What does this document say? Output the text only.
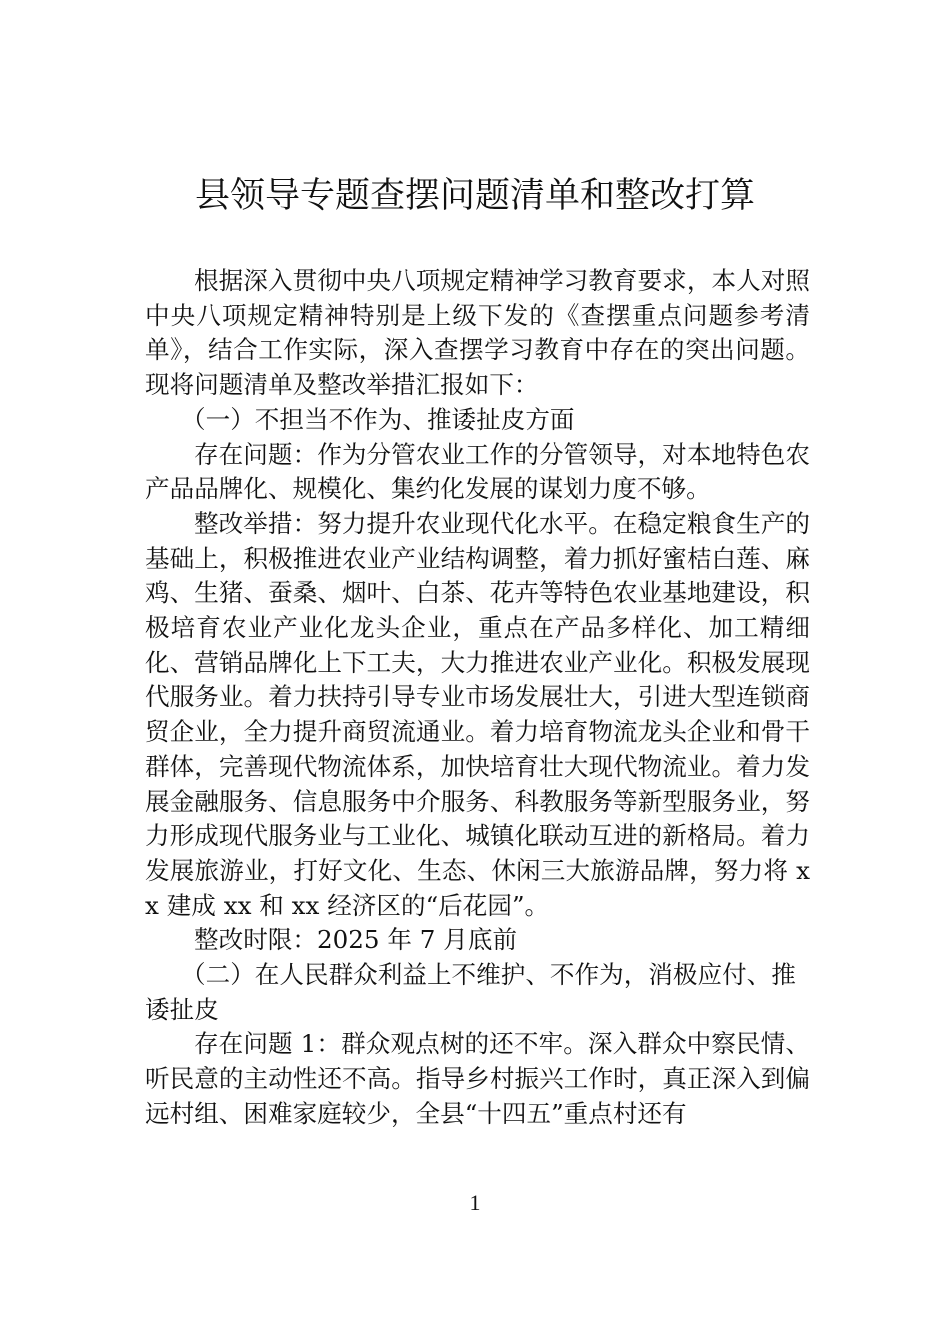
县领导专题查摆问题清单和整改打算

根据深入贯彻中央八项规定精神学习教育要求，本人对照中央八项规定精神特别是上级下发的《查摆重点问题参考清单》，结合工作实际，深入查摆学习教育中存在的突出问题。现将问题清单及整改举措汇报如下：

（一）不担当不作为、推诿扯皮方面

存在问题：作为分管农业工作的分管领导，对本地特色农产品品牌化、规模化、集约化发展的谋划力度不够。

整改举措：努力提升农业现代化水平。在稳定粮食生产的基础上，积极推进农业产业结构调整，着力抓好蜜桔白莲、麻鸡、生猪、蚕桑、烟叶、白茶、花卉等特色农业基地建设，积极培育农业产业化龙头企业，重点在产品多样化、加工精细化、营销品牌化上下工夫，大力推进农业产业化。积极发展现代服务业。着力扶持引导专业市场发展壮大，引进大型连锁商贸企业，全力提升商贸流通业。着力培育物流龙头企业和骨干群体，完善现代物流体系，加快培育壮大现代物流业。着力发展金融服务、信息服务中介服务、科教服务等新型服务业，努力形成现代服务业与工业化、城镇化联动互进的新格局。着力发展旅游业，打好文化、生态、休闲三大旅游品牌，努力将 xx 建成 xx 和 xx 经济区的“后花园”。

整改时限：2025 年 7 月底前

（二）在人民群众利益上不维护、不作为，消极应付、推诿扯皮

存在问题 1：群众观点树的还不牢。深入群众中察民情、听民意的主动性还不高。指导乡村振兴工作时，真正深入到偏远村组、困难家庭较少，全县“十四五”重点村还有

1
